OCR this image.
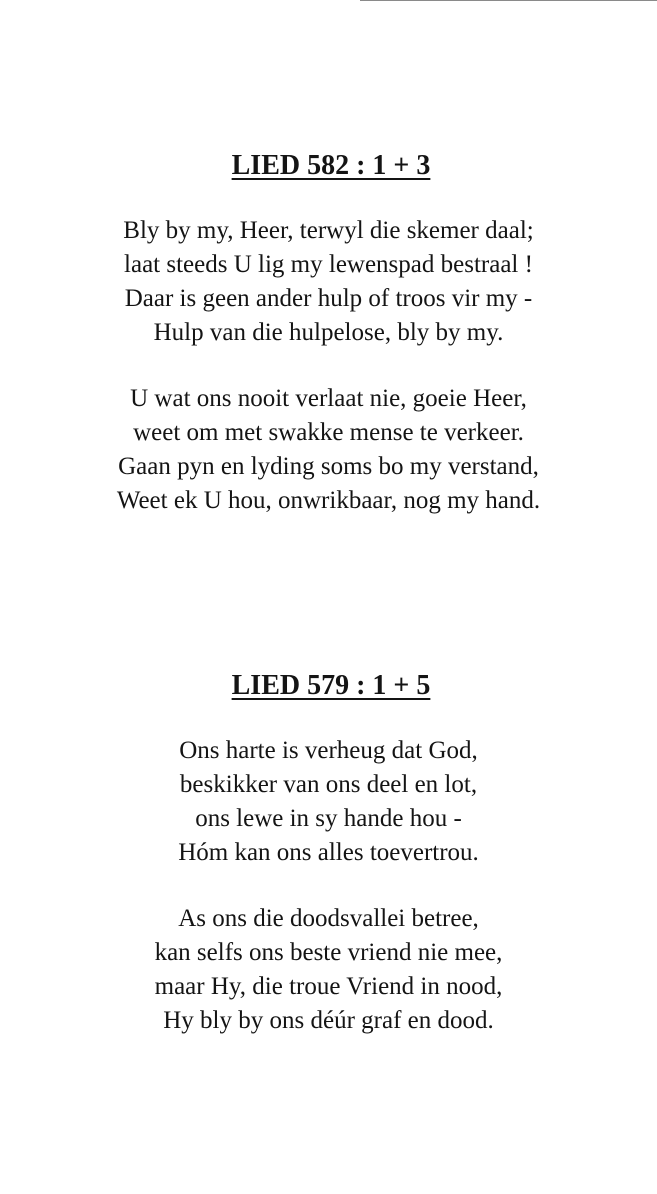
LIED 582 : 1 + 3
Bly by my, Heer, terwyl die skemer daal;
laat steeds U lig my lewenspad bestraal !
Daar is geen ander hulp of troos vir my -
Hulp van die hulpelose, bly by my.
U wat ons nooit verlaat nie, goeie Heer,
weet om met swakke mense te verkeer.
Gaan pyn en lyding soms bo my verstand,
Weet ek U hou, onwrikbaar, nog my hand.
LIED 579 : 1 + 5
Ons harte is verheug dat God,
beskikker van ons deel en lot,
ons lewe in sy hande hou -
Hóm kan ons alles toevertrou.
As ons die doodsvallei betree,
kan selfs ons beste vriend nie mee,
maar Hy, die troue Vriend in nood,
Hy bly by ons déúr graf en dood.
